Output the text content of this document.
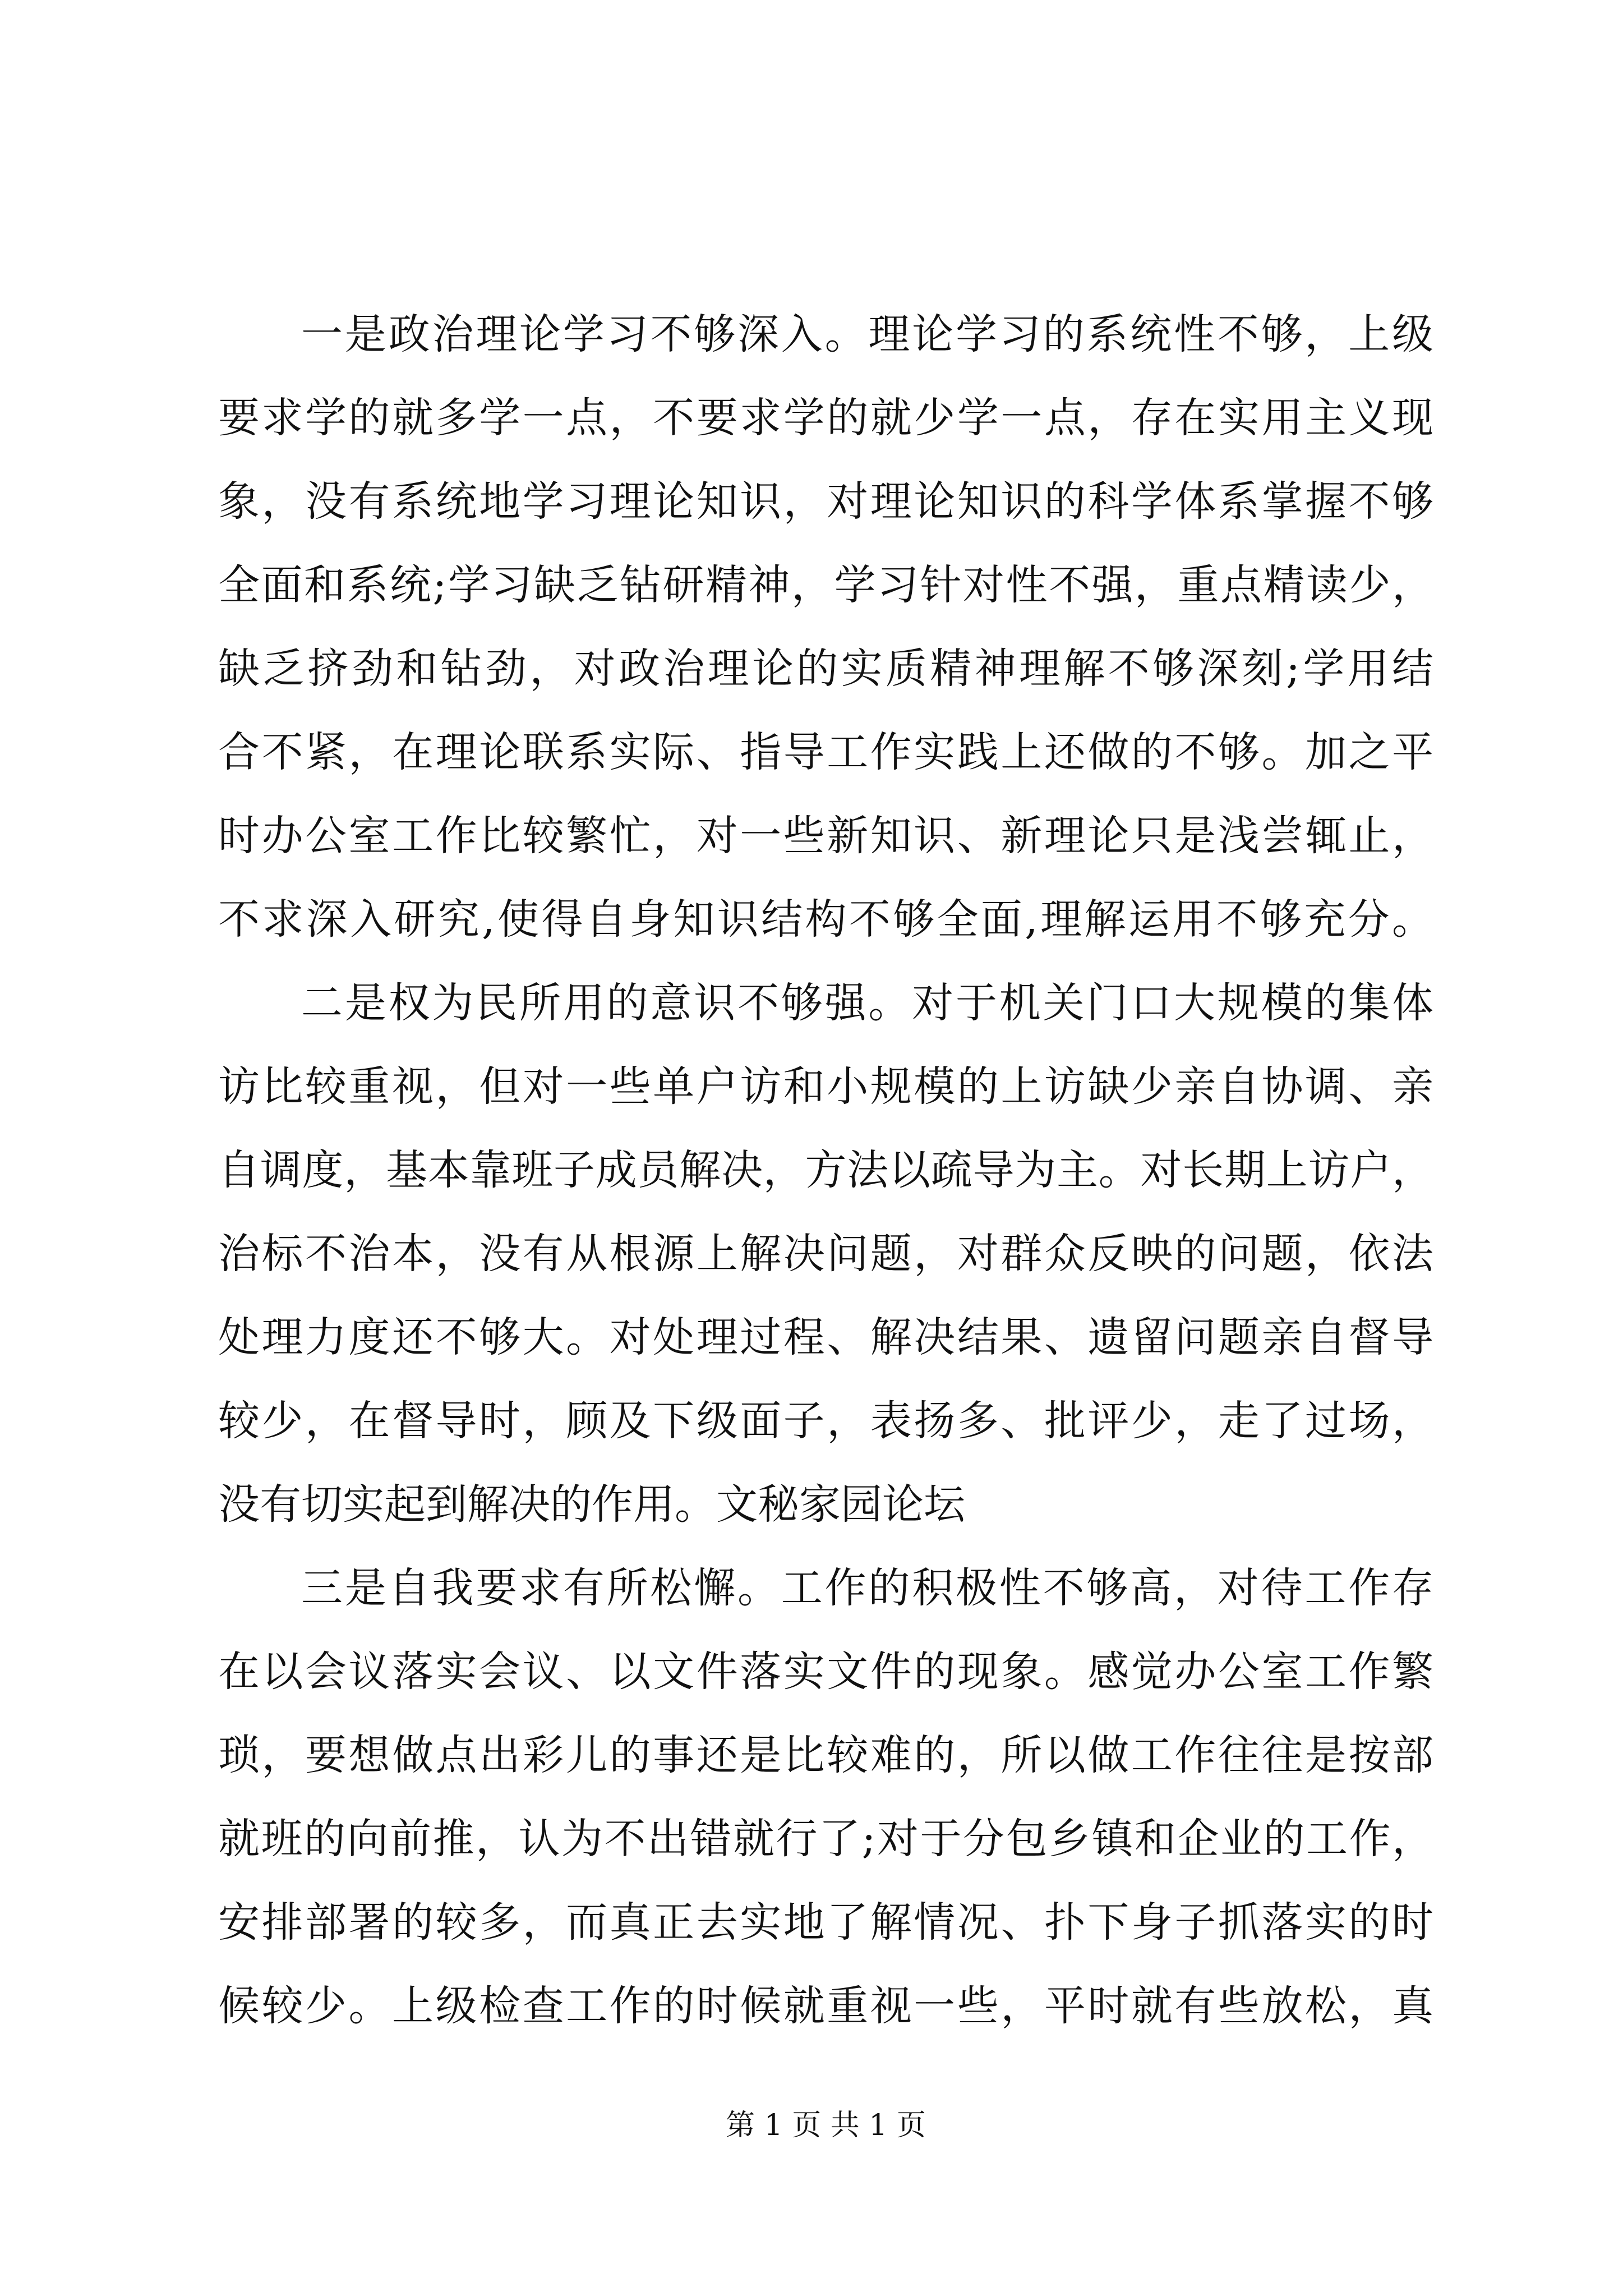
一是政治理论学习不够深入。理论学习的系统性不够，上级
要求学的就多学一点，不要求学的就少学一点，存在实用主义现
象，没有系统地学习理论知识，对理论知识的科学体系掌握不够
全面和系统;学习缺乏钻研精神，学习针对性不强，重点精读少，
缺乏挤劲和钻劲，对政治理论的实质精神理解不够深刻;学用结
合不紧，在理论联系实际、指导工作实践上还做的不够。加之平
时办公室工作比较繁忙，对一些新知识、新理论只是浅尝辄止，
不求深入研究,使得自身知识结构不够全面,理解运用不够充分。
二是权为民所用的意识不够强。对于机关门口大规模的集体
访比较重视，但对一些单户访和小规模的上访缺少亲自协调、亲
自调度，基本靠班子成员解决，方法以疏导为主。对长期上访户，
治标不治本，没有从根源上解决问题，对群众反映的问题，依法
处理力度还不够大。对处理过程、解决结果、遗留问题亲自督导
较少，在督导时，顾及下级面子，表扬多、批评少，走了过场，
没有切实起到解决的作用。文秘家园论坛
三是自我要求有所松懈。工作的积极性不够高，对待工作存
在以会议落实会议、以文件落实文件的现象。感觉办公室工作繁
琐，要想做点出彩儿的事还是比较难的，所以做工作往往是按部
就班的向前推，认为不出错就行了;对于分包乡镇和企业的工作，
安排部署的较多，而真正去实地了解情况、扑下身子抓落实的时
候较少。上级检查工作的时候就重视一些，平时就有些放松，真
第 1 页 共 1 页
